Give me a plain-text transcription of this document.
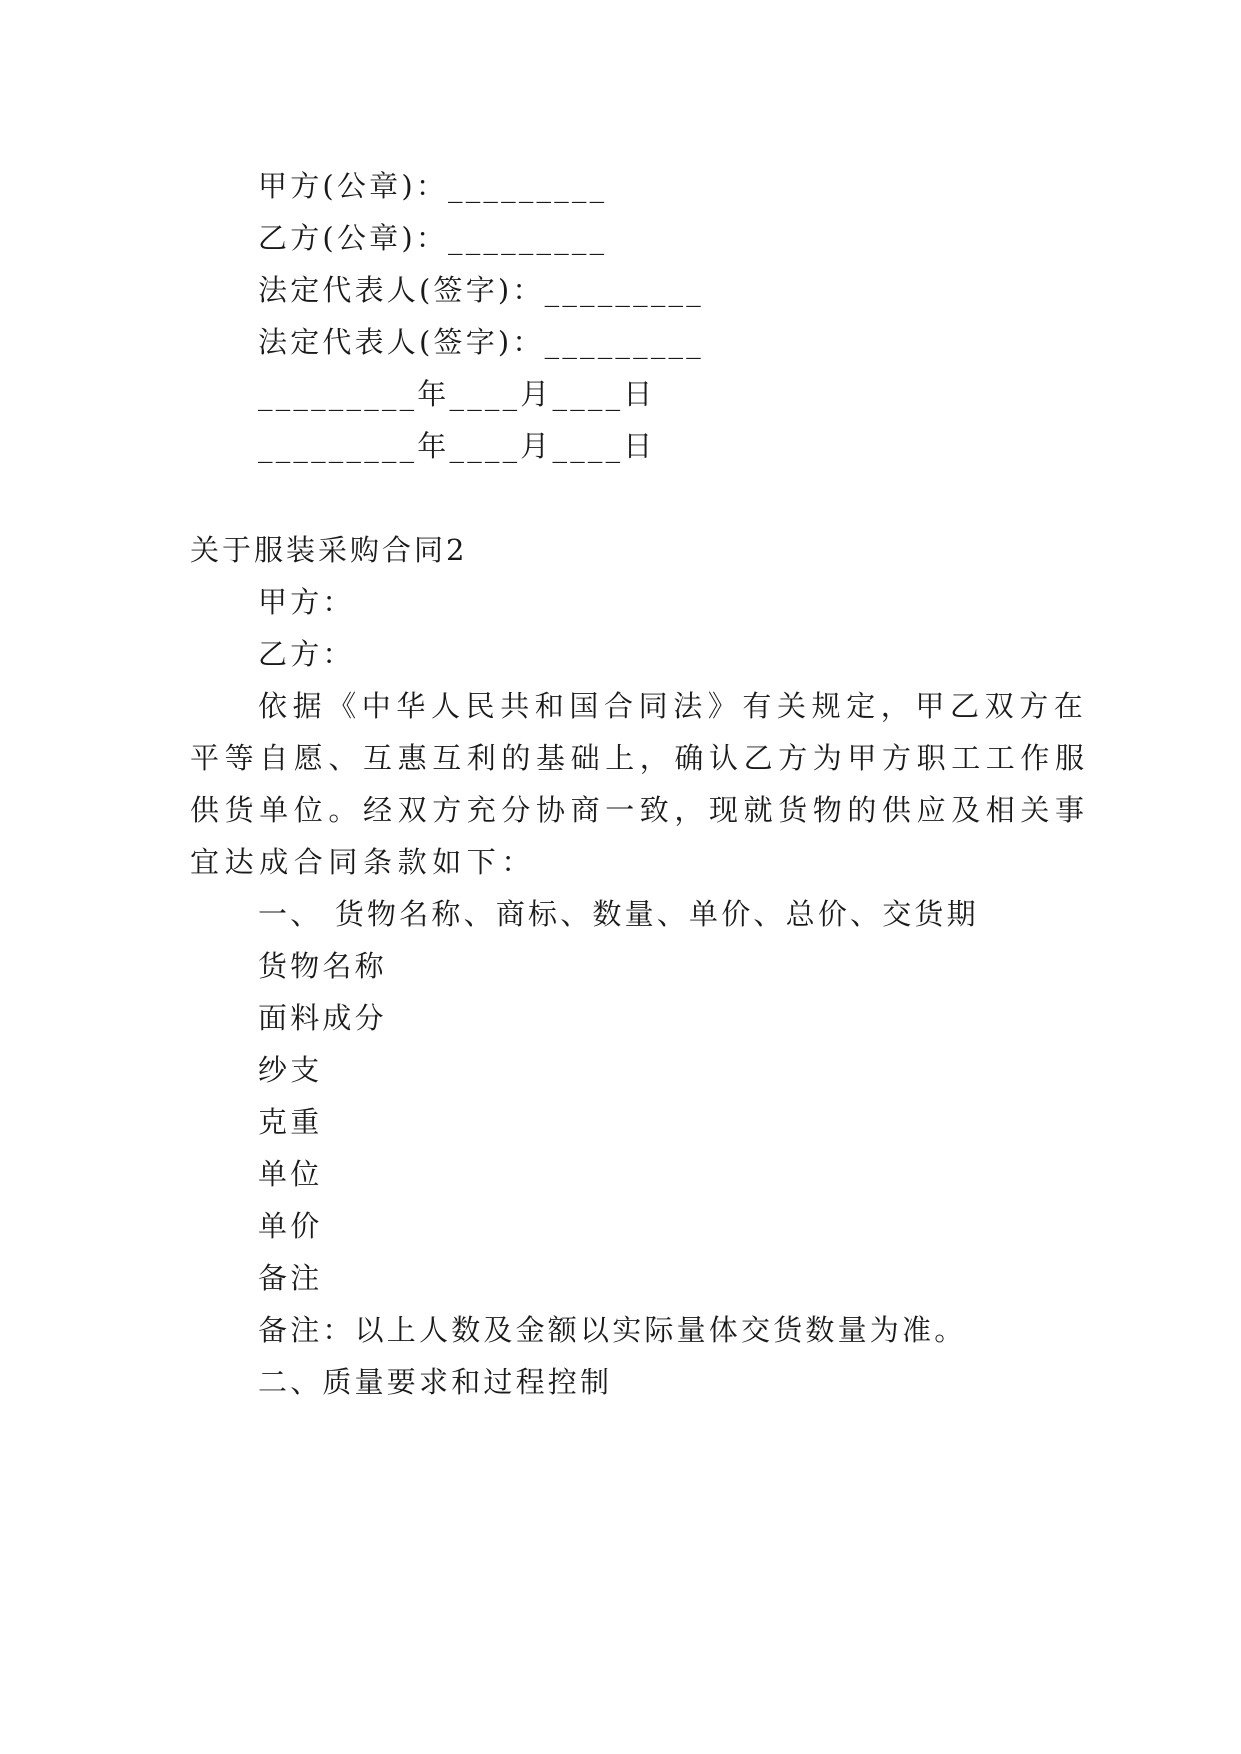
甲方(公章)：_________
乙方(公章)：_________
法定代表人(签字)：_________
法定代表人(签字)：_________
_________年____月____日
_________年____月____日
关于服装采购合同2
甲方：
乙方：
依据《中华人民共和国合同法》有关规定，甲乙双方在
平等自愿、互惠互利的基础上，确认乙方为甲方职工工作服
供货单位。经双方充分协商一致，现就货物的供应及相关事
宜达成合同条款如下：
一、 货物名称、商标、数量、单价、总价、交货期
货物名称
面料成分
纱支
克重
单位
单价
备注
备注：以上人数及金额以实际量体交货数量为准。
二、质量要求和过程控制
